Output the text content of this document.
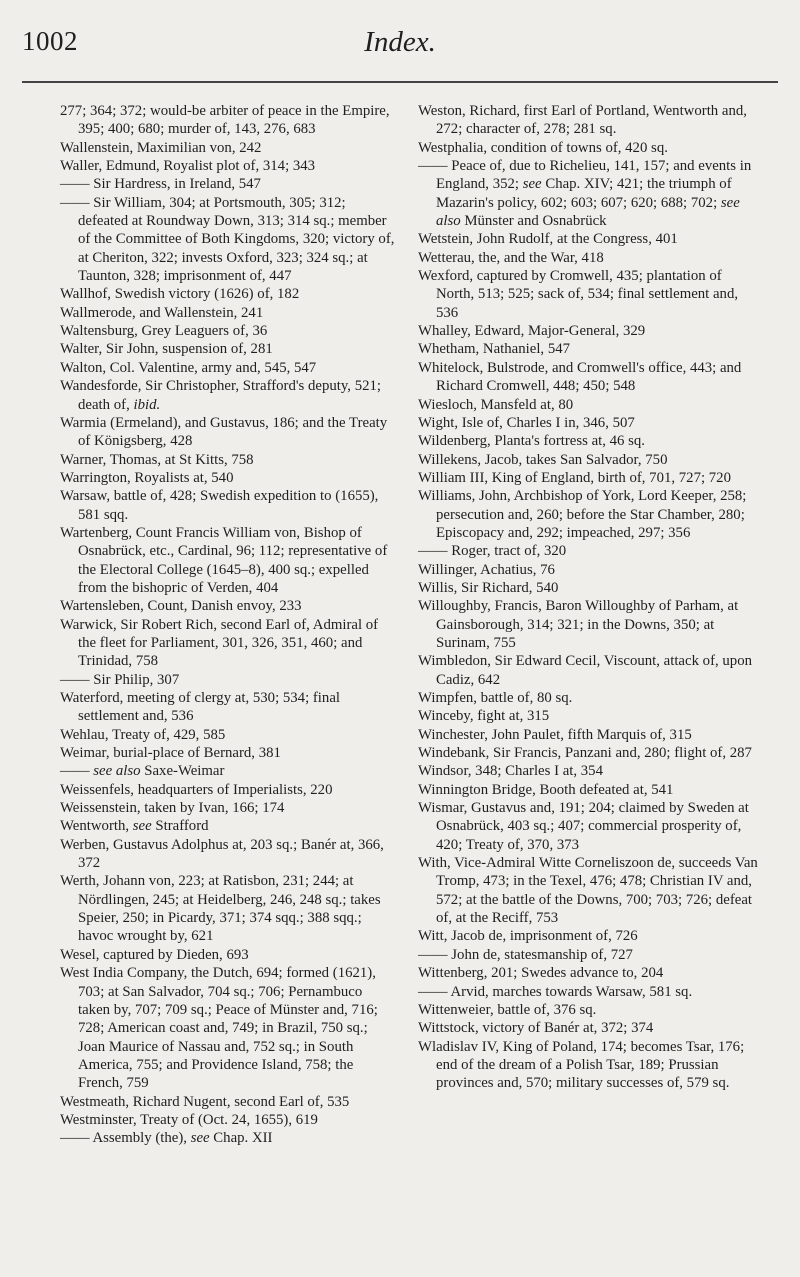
1002	Index.

277; 364; 372; would-be arbiter of peace in the Empire, 395; 400; 680; murder of, 143, 276, 683

Wallenstein, Maximilian von, 242

Waller, Edmund, Royalist plot of, 314; 343

—— Sir Hardress, in Ireland, 547

—— Sir William, 304; at Portsmouth, 305; 312; defeated at Roundway Down, 313; 314 sq.; member of the Committee of Both Kingdoms, 320; victory of, at Cheriton, 322; invests Oxford, 323; 324 sq.; at Taunton, 328; imprisonment of, 447

Wallhof, Swedish victory (1626) of, 182

Wallmerode, and Wallenstein, 241

Waltensburg, Grey Leaguers of, 36

Walter, Sir John, suspension of, 281

Walton, Col. Valentine, army and, 545, 547

Wandesforde, Sir Christopher, Strafford's deputy, 521; death of, ibid.

Warmia (Ermeland), and Gustavus, 186; and the Treaty of Königsberg, 428

Warner, Thomas, at St Kitts, 758

Warrington, Royalists at, 540

Warsaw, battle of, 428; Swedish expedition to (1655), 581 sqq.

Wartenberg, Count Francis William von, Bishop of Osnabrück, etc., Cardinal, 96; 112; representative of the Electoral College (1645–8), 400 sq.; expelled from the bishopric of Verden, 404

Wartensleben, Count, Danish envoy, 233

Warwick, Sir Robert Rich, second Earl of, Admiral of the fleet for Parliament, 301, 326, 351, 460; and Trinidad, 758

—— Sir Philip, 307

Waterford, meeting of clergy at, 530; 534; final settlement and, 536

Wehlau, Treaty of, 429, 585

Weimar, burial-place of Bernard, 381

—— see also Saxe-Weimar

Weissenfels, headquarters of Imperialists, 220

Weissenstein, taken by Ivan, 166; 174

Wentworth, see Strafford

Werben, Gustavus Adolphus at, 203 sq.; Banér at, 366, 372

Werth, Johann von, 223; at Ratisbon, 231; 244; at Nördlingen, 245; at Heidelberg, 246, 248 sq.; takes Speier, 250; in Picardy, 371; 374 sqq.; 388 sqq.; havoc wrought by, 621

Wesel, captured by Dieden, 693

West India Company, the Dutch, 694; formed (1621), 703; at San Salvador, 704 sq.; 706; Pernambuco taken by, 707; 709 sq.; Peace of Münster and, 716; 728; American coast and, 749; in Brazil, 750 sq.; Joan Maurice of Nassau and, 752 sq.; in South America, 755; and Providence Island, 758; the French, 759

Westmeath, Richard Nugent, second Earl of, 535

Westminster, Treaty of (Oct. 24, 1655), 619

—— Assembly (the), see Chap. XII

Weston, Richard, first Earl of Portland, Wentworth and, 272; character of, 278; 281 sq.

Westphalia, condition of towns of, 420 sq.

—— Peace of, due to Richelieu, 141, 157; and events in England, 352; see Chap. XIV; 421; the triumph of Mazarin's policy, 602; 603; 607; 620; 688; 702; see also Münster and Osnabrück

Wetstein, John Rudolf, at the Congress, 401

Wetterau, the, and the War, 418

Wexford, captured by Cromwell, 435; plantation of North, 513; 525; sack of, 534; final settlement and, 536

Whalley, Edward, Major-General, 329

Whetham, Nathaniel, 547

Whitelock, Bulstrode, and Cromwell's office, 443; and Richard Cromwell, 448; 450; 548

Wiesloch, Mansfeld at, 80

Wight, Isle of, Charles I in, 346, 507

Wildenberg, Planta's fortress at, 46 sq.

Willekens, Jacob, takes San Salvador, 750

William III, King of England, birth of, 701, 727; 720

Williams, John, Archbishop of York, Lord Keeper, 258; persecution and, 260; before the Star Chamber, 280; Episcopacy and, 292; impeached, 297; 356

—— Roger, tract of, 320

Willinger, Achatius, 76

Willis, Sir Richard, 540

Willoughby, Francis, Baron Willoughby of Parham, at Gainsborough, 314; 321; in the Downs, 350; at Surinam, 755

Wimbledon, Sir Edward Cecil, Viscount, attack of, upon Cadiz, 642

Wimpfen, battle of, 80 sq.

Winceby, fight at, 315

Winchester, John Paulet, fifth Marquis of, 315

Windebank, Sir Francis, Panzani and, 280; flight of, 287

Windsor, 348; Charles I at, 354

Winnington Bridge, Booth defeated at, 541

Wismar, Gustavus and, 191; 204; claimed by Sweden at Osnabrück, 403 sq.; 407; commercial prosperity of, 420; Treaty of, 370, 373

With, Vice-Admiral Witte Corneliszoon de, succeeds Van Tromp, 473; in the Texel, 476; 478; Christian IV and, 572; at the battle of the Downs, 700; 703; 726; defeat of, at the Reciff, 753

Witt, Jacob de, imprisonment of, 726

—— John de, statesmanship of, 727

Wittenberg, 201; Swedes advance to, 204

—— Arvid, marches towards Warsaw, 581 sq.

Wittenweier, battle of, 376 sq.

Wittstock, victory of Banér at, 372; 374

Wladislav IV, King of Poland, 174; becomes Tsar, 176; end of the dream of a Polish Tsar, 189; Prussian provinces and, 570; military successes of, 579 sq.
